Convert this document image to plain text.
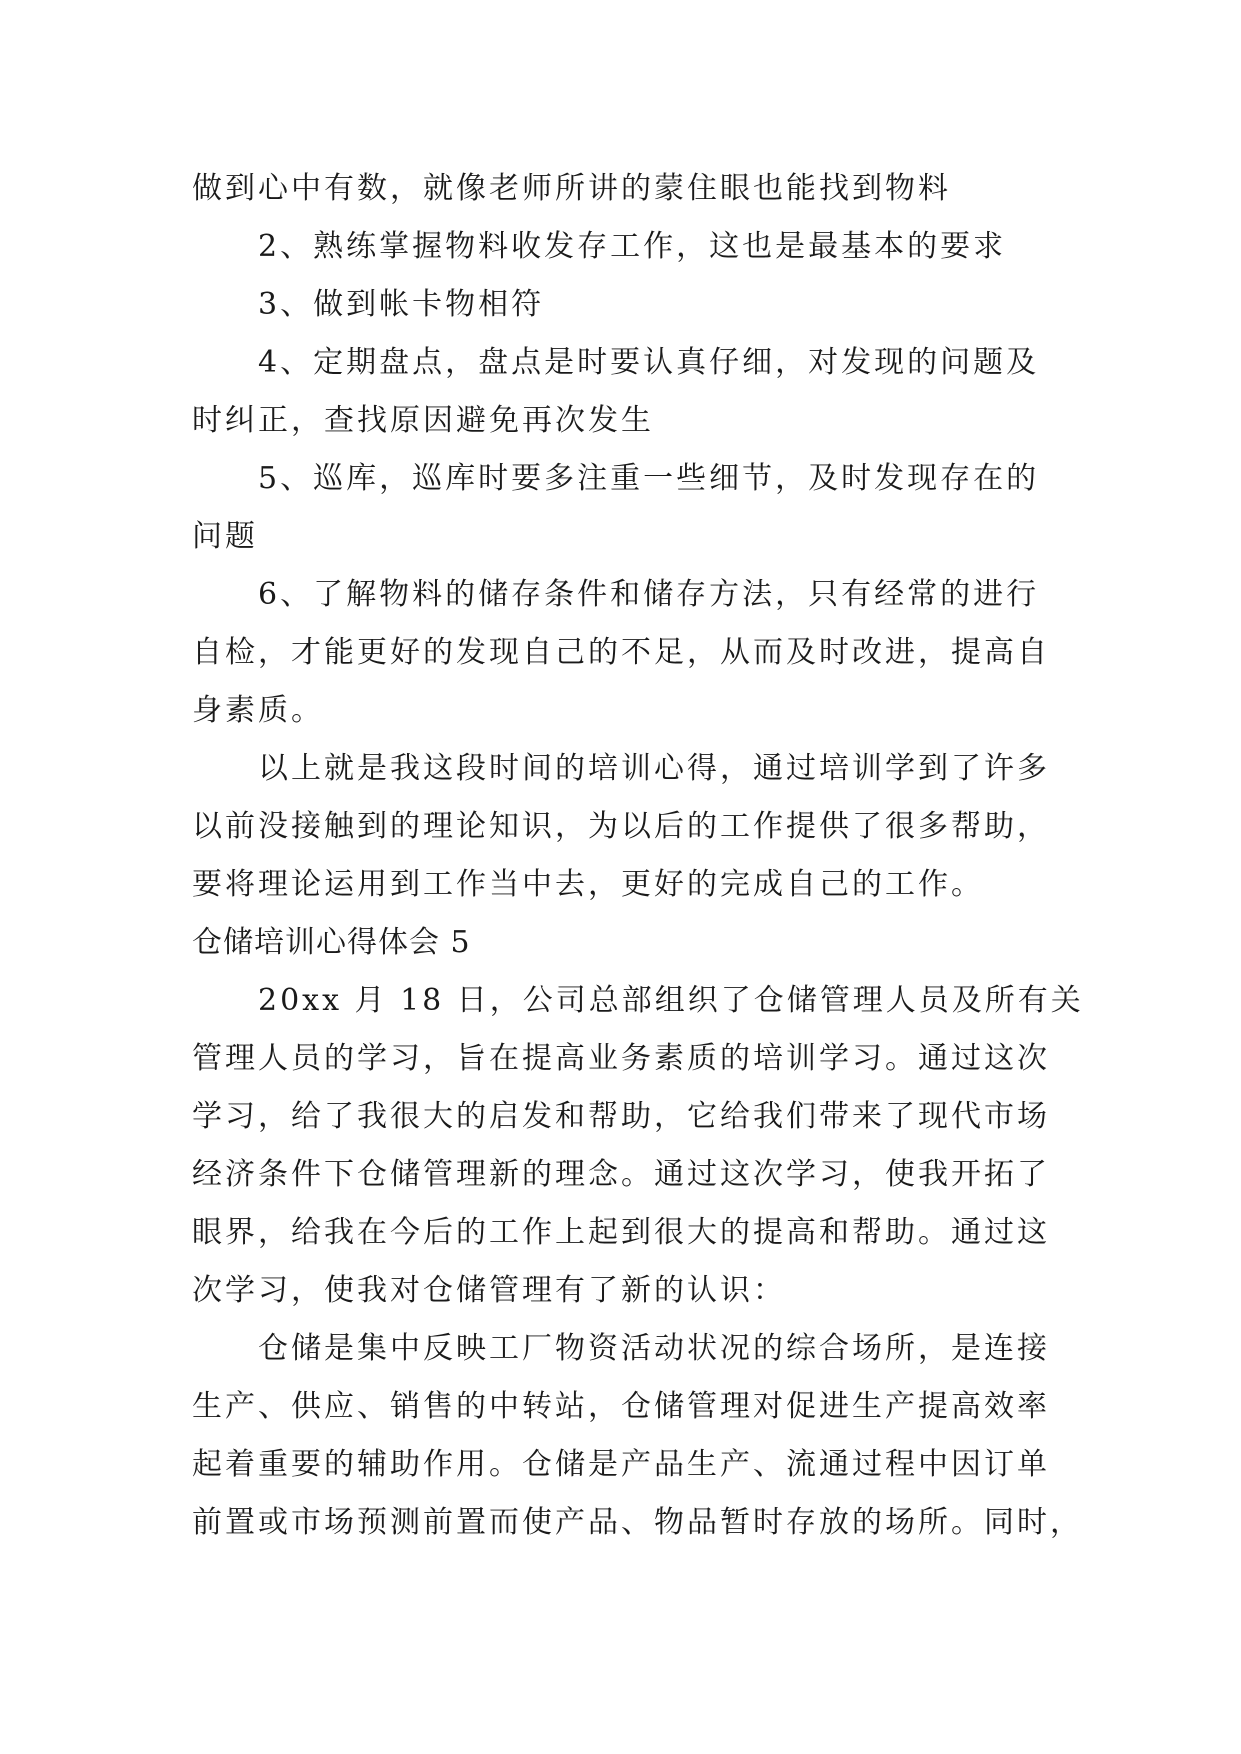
做到心中有数，就像老师所讲的蒙住眼也能找到物料
2、熟练掌握物料收发存工作，这也是最基本的要求
3、做到帐卡物相符
4、定期盘点，盘点是时要认真仔细，对发现的问题及
时纠正，查找原因避免再次发生
5、巡库，巡库时要多注重一些细节，及时发现存在的
问题
6、了解物料的储存条件和储存方法，只有经常的进行
自检，才能更好的发现自己的不足，从而及时改进，提高自
身素质。
以上就是我这段时间的培训心得，通过培训学到了许多
以前没接触到的理论知识，为以后的工作提供了很多帮助，
要将理论运用到工作当中去，更好的完成自己的工作。
仓储培训心得体会 5
20xx 月 18 日，公司总部组织了仓储管理人员及所有关
管理人员的学习，旨在提高业务素质的培训学习。通过这次
学习，给了我很大的启发和帮助，它给我们带来了现代市场
经济条件下仓储管理新的理念。通过这次学习，使我开拓了
眼界，给我在今后的工作上起到很大的提高和帮助。通过这
次学习，使我对仓储管理有了新的认识：
仓储是集中反映工厂物资活动状况的综合场所，是连接
生产、供应、销售的中转站，仓储管理对促进生产提高效率
起着重要的辅助作用。仓储是产品生产、流通过程中因订单
前置或市场预测前置而使产品、物品暂时存放的场所。同时，
